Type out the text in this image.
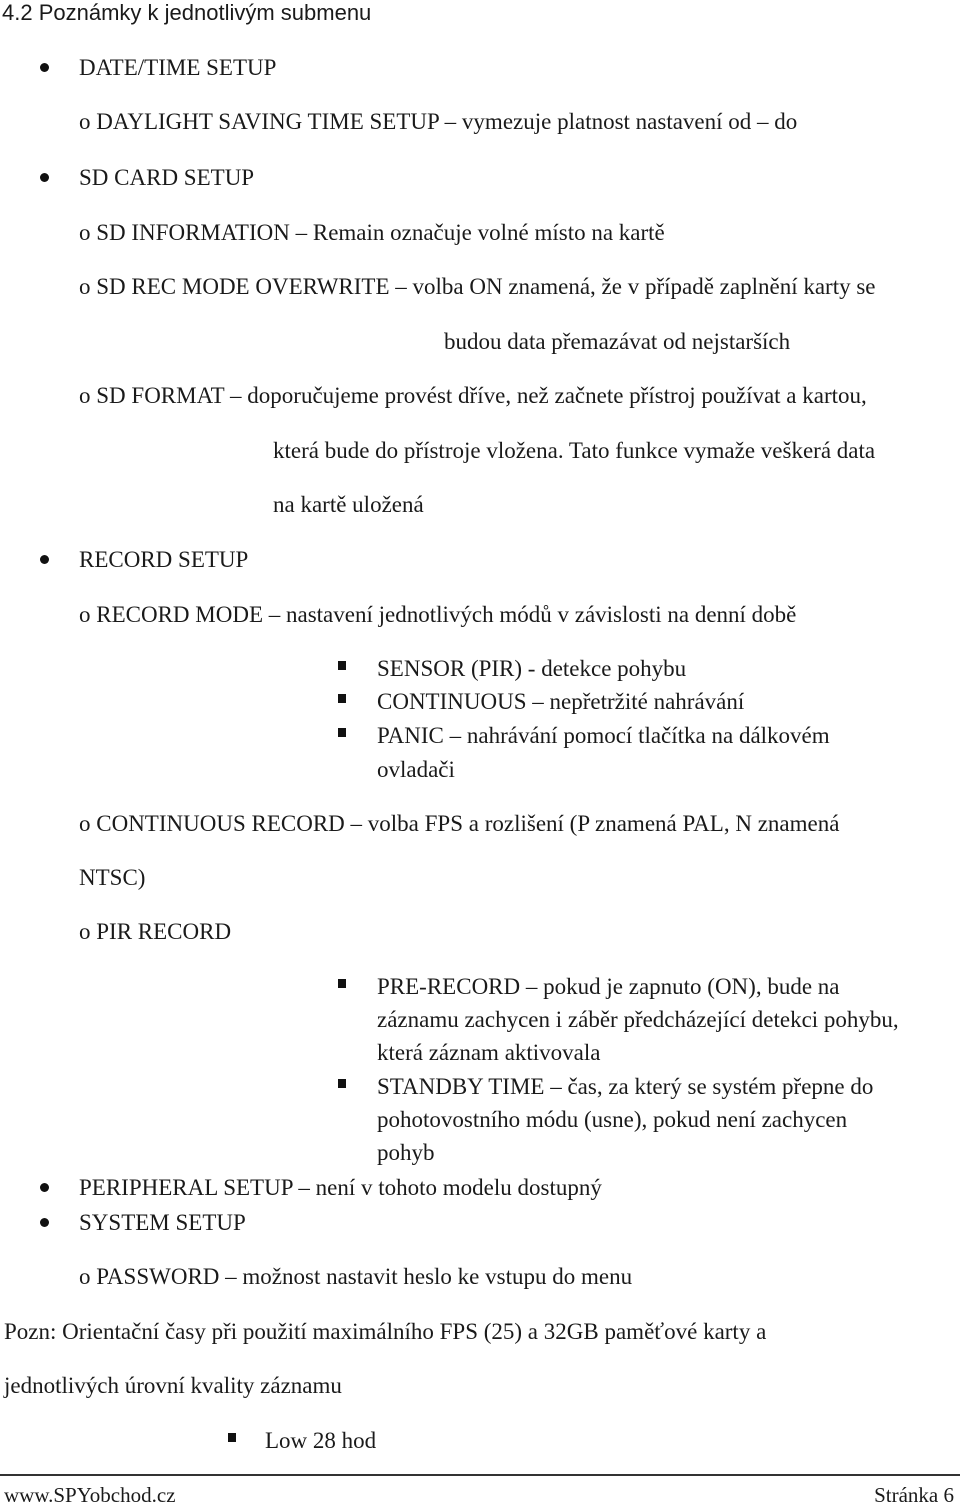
4.2 Poznámky k jednotlivým submenu
DATE/TIME SETUP
o DAYLIGHT SAVING TIME SETUP – vymezuje platnost nastavení od – do
SD CARD SETUP
o SD INFORMATION – Remain označuje volné místo na kartě
o SD REC MODE OVERWRITE – volba ON znamená, že v případě zaplnění karty se
budou data přemazávat od nejstarších
o SD FORMAT – doporučujeme provést dříve, než začnete přístroj používat a kartou,
která bude do přístroje vložena. Tato funkce vymaže veškerá data
na kartě uložená
RECORD SETUP
o RECORD MODE – nastavení jednotlivých módů v závislosti na denní době
SENSOR (PIR) - detekce pohybu
CONTINUOUS – nepřetržité nahrávání
PANIC – nahrávání pomocí tlačítka na dálkovém
ovladači
o CONTINUOUS RECORD – volba FPS a rozlišení (P znamená PAL, N znamená
NTSC)
o PIR RECORD
PRE-RECORD – pokud je zapnuto (ON), bude na
záznamu zachycen i záběr předcházející detekci pohybu,
která záznam aktivovala
STANDBY TIME – čas, za který se systém přepne do
pohotovostního módu (usne), pokud není zachycen
pohyb
PERIPHERAL SETUP – není v tohoto modelu dostupný
SYSTEM SETUP
o PASSWORD – možnost nastavit heslo ke vstupu do menu
Pozn: Orientační časy při použití maximálního FPS (25) a 32GB paměťové karty a
jednotlivých úrovní kvality záznamu
Low 28 hod
www.SPYobchod.cz	Stránka 6
